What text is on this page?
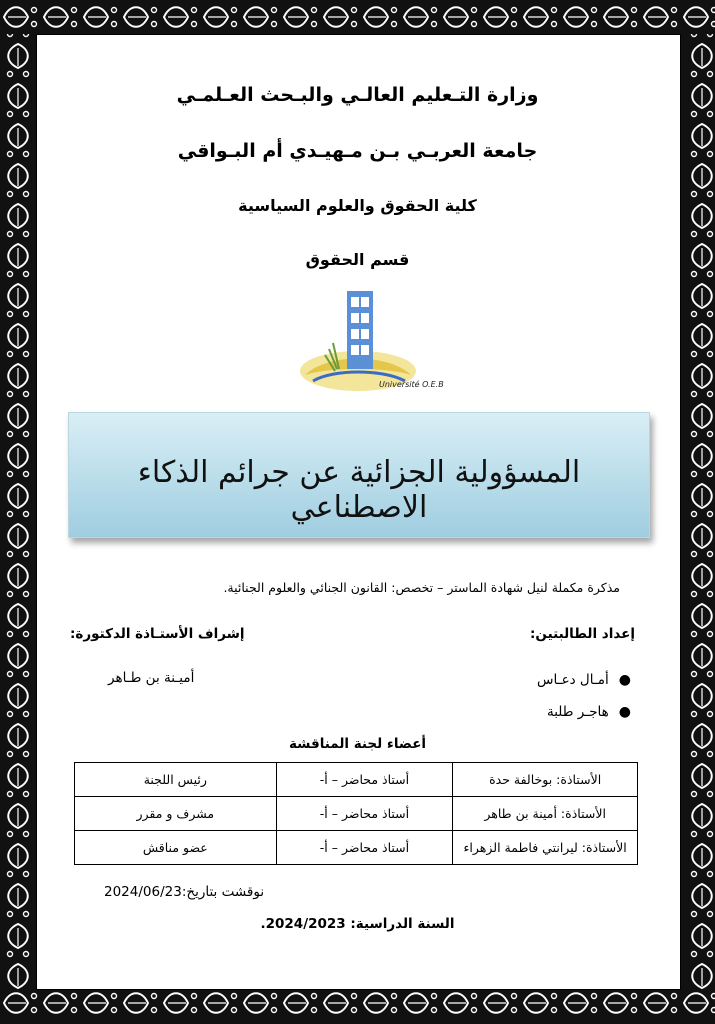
وزارة التـعليم العالـي والبـحث العـلمـي
جامعة العربـي بـن مـهيـدي أم البـواقي
كلية الحقوق والعلوم السياسية
قسم الحقوق
Université O.E.B
المسؤولية الجزائية عن جرائم الذكاء الاصطناعي
مذكرة مكملة لنيل شهادة الماستر – تخصص: القانون الجنائي والعلوم الجنائية.
إعداد الطالبتين:
إشراف الأستـاذة الدكتورة:
●أمـال دعـاس
●هاجـر طلبة
أميـنة بن طـاهر
أعضاء لجنة المناقشة
الأستاذة: بوخالفة حدة	أستاذ محاضر – أ-	رئيس اللجنة
الأستاذة: أمينة بن طاهر	أستاذ محاضر – أ-	مشرف و مقرر
الأستاذة: ليرانتي فاطمة الزهراء	أستاذ محاضر – أ-	عضو مناقش
نوقشت بتاريخ:2024/06/23
السنة الدراسية: 2024/2023.
